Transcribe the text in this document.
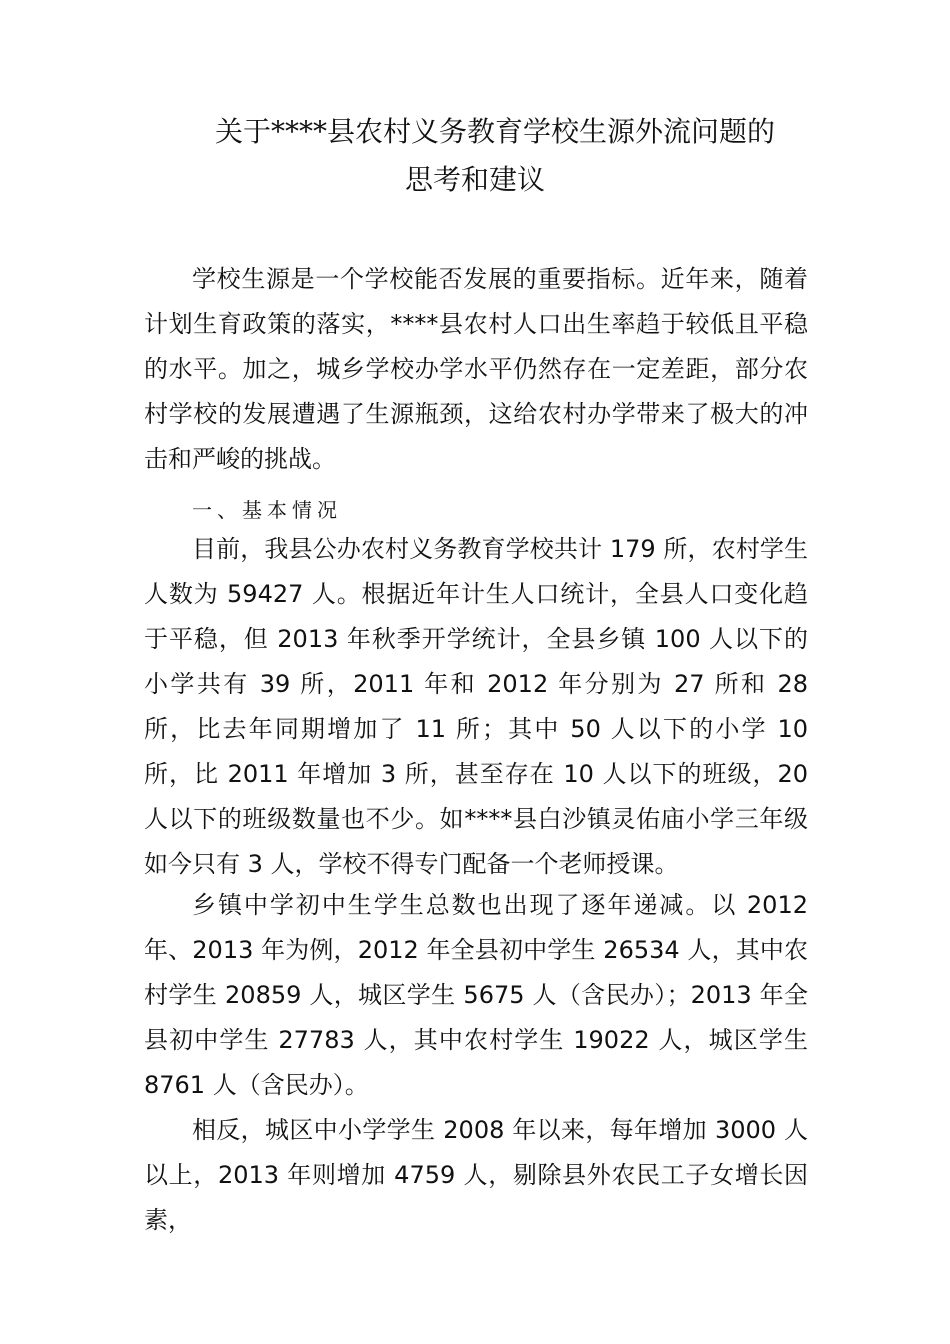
关于****县农村义务教育学校生源外流问题的
思考和建议

学校生源是一个学校能否发展的重要指标。近年来，随着计划生育政策的落实，****县农村人口出生率趋于较低且平稳的水平。加之，城乡学校办学水平仍然存在一定差距，部分农村学校的发展遭遇了生源瓶颈，这给农村办学带来了极大的冲击和严峻的挑战。

一、基本情况

目前，我县公办农村义务教育学校共计 179 所，农村学生人数为 59427 人。根据近年计生人口统计，全县人口变化趋于平稳，但 2013 年秋季开学统计，全县乡镇 100 人以下的小学共有 39 所，2011 年和 2012 年分别为 27 所和 28 所，比去年同期增加了 11 所；其中 50 人以下的小学 10 所，比 2011 年增加 3 所，甚至存在 10 人以下的班级，20 人以下的班级数量也不少。如****县白沙镇灵佑庙小学三年级如今只有 3 人，学校不得专门配备一个老师授课。

乡镇中学初中生学生总数也出现了逐年递减。以 2012 年、2013 年为例，2012 年全县初中学生 26534 人，其中农村学生 20859 人，城区学生 5675 人（含民办）；2013 年全县初中学生 27783 人，其中农村学生 19022 人，城区学生 8761 人（含民办）。

相反，城区中小学学生 2008 年以来，每年增加 3000 人以上，2013 年则增加 4759 人，剔除县外农民工子女增长因素，
